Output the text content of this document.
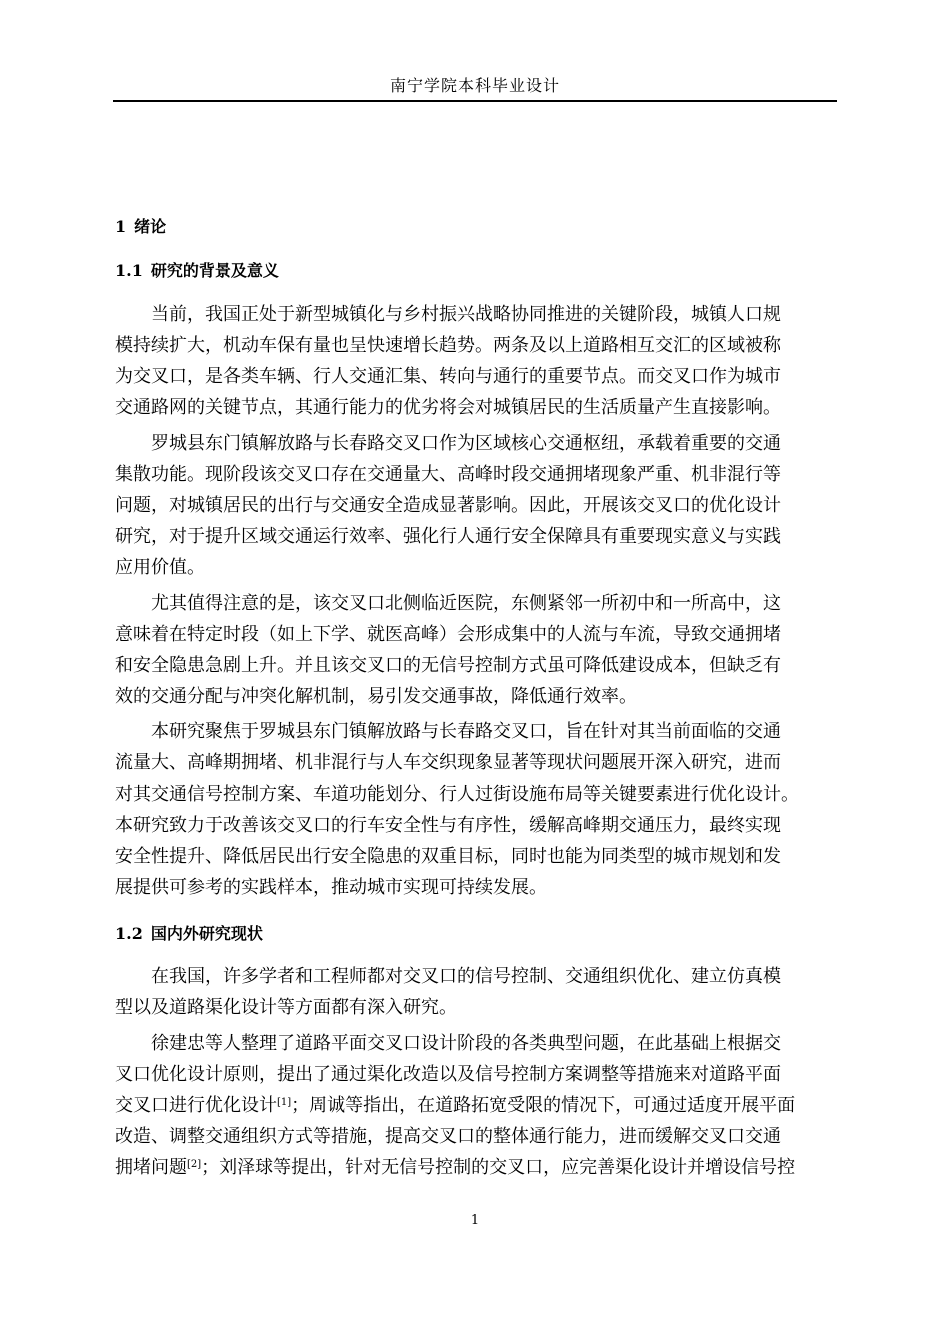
南宁学院本科毕业设计
1 绪论
1.1 研究的背景及意义
当前，我国正处于新型城镇化与乡村振兴战略协同推进的关键阶段，城镇人口规
模持续扩大，机动车保有量也呈快速增长趋势。两条及以上道路相互交汇的区域被称
为交叉口，是各类车辆、行人交通汇集、转向与通行的重要节点。而交叉口作为城市
交通路网的关键节点，其通行能力的优劣将会对城镇居民的生活质量产生直接影响。
罗城县东门镇解放路与长春路交叉口作为区域核心交通枢纽，承载着重要的交通
集散功能。现阶段该交叉口存在交通量大、高峰时段交通拥堵现象严重、机非混行等
问题，对城镇居民的出行与交通安全造成显著影响。因此，开展该交叉口的优化设计
研究，对于提升区域交通运行效率、强化行人通行安全保障具有重要现实意义与实践
应用价值。
尤其值得注意的是，该交叉口北侧临近医院，东侧紧邻一所初中和一所高中，这
意味着在特定时段（如上下学、就医高峰）会形成集中的人流与车流，导致交通拥堵
和安全隐患急剧上升。并且该交叉口的无信号控制方式虽可降低建设成本，但缺乏有
效的交通分配与冲突化解机制，易引发交通事故，降低通行效率。
本研究聚焦于罗城县东门镇解放路与长春路交叉口，旨在针对其当前面临的交通
流量大、高峰期拥堵、机非混行与人车交织现象显著等现状问题展开深入研究，进而
对其交通信号控制方案、车道功能划分、行人过街设施布局等关键要素进行优化设计。
本研究致力于改善该交叉口的行车安全性与有序性，缓解高峰期交通压力，最终实现
安全性提升、降低居民出行安全隐患的双重目标，同时也能为同类型的城市规划和发
展提供可参考的实践样本，推动城市实现可持续发展。
1.2 国内外研究现状
在我国，许多学者和工程师都对交叉口的信号控制、交通组织优化、建立仿真模
型以及道路渠化设计等方面都有深入研究。
徐建忠等人整理了道路平面交叉口设计阶段的各类典型问题，在此基础上根据交
叉口优化设计原则，提出了通过渠化改造以及信号控制方案调整等措施来对道路平面
交叉口进行优化设计[1]；周诚等指出，在道路拓宽受限的情况下，可通过适度开展平面
改造、调整交通组织方式等措施，提高交叉口的整体通行能力，进而缓解交叉口交通
拥堵问题[2]；刘泽球等提出，针对无信号控制的交叉口，应完善渠化设计并增设信号控
1
